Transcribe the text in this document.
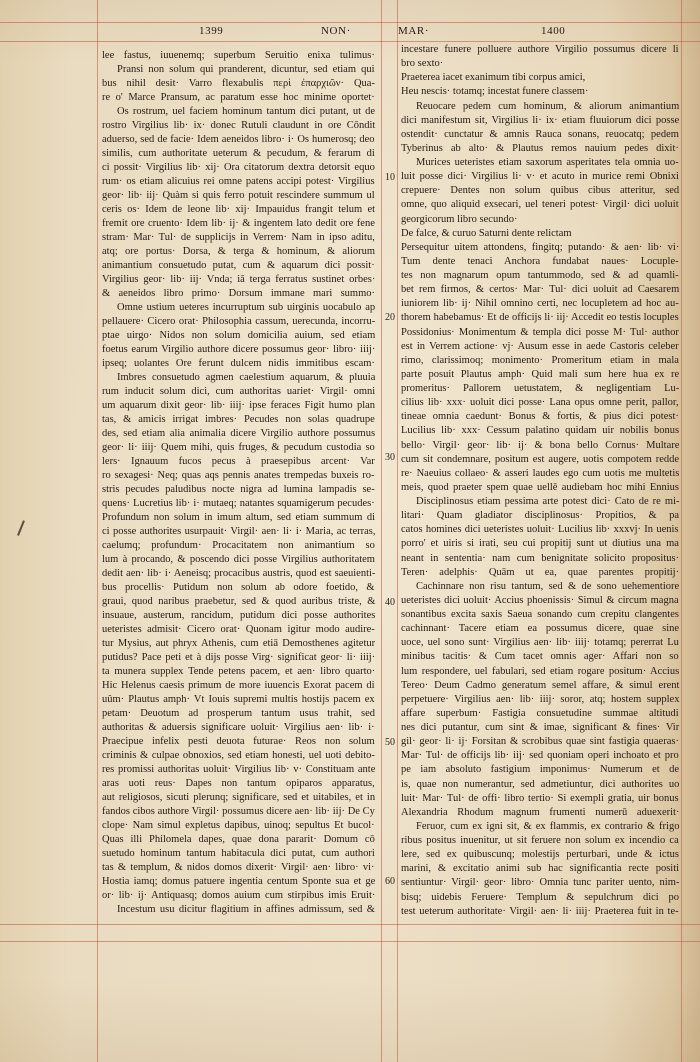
1399	NON·	MAR·	1400
10
20
30
40
50
60
lee fastus, iuuenemq; superbum Seruitio enixa tulimus·
Pransi non solum qui pranderent, dicuntur, sed etiam qui
bus nihil desit· Varro flexabulis περὶ ἐπαρχιῶν· Qua-
re o' Marce Pransum, ac paratum esse hoc minime oportet·
Os rostrum, uel faciem hominum tantum dici putant, ut de
rostro Virgilius lib· ix· donec Rutuli claudunt in ore Cōndit
aduerso, sed de facie· Idem aeneidos libro· i· Os humerosq; deo
similis, cum authoritate ueterum & pecudum, & ferarum di
ci possit· Virgilius lib· xij· Ora citatorum dextra detorsit equo
rum· os etiam alicuius rei omne patens accipi potest· Virgilius
geor· lib· iij· Quàm si quis ferro potuit rescindere summum ul
ceris os· Idem de leone lib· xij· Impauidus frangit telum et
fremit ore cruento· Idem lib· ij· & ingentem lato dedit ore fene
stram· Mar· Tul· de supplicijs in Verrem· Nam in ipso aditu,
atq; ore portus· Dorsa, & terga & hominum, & aliorum
animantium consuetudo putat, cum & aquarum dici possit·
Virgilius geor· lib· iij· Vnda; iā terga ferratus sustinet orbes·
& aeneidos libro primo· Dorsum immane mari summo·
Omne ustium ueteres incurruptum sub uirginis uocabulo ap
pellauere· Cicero orat· Philosophia cassum, uerecunda, incorru-
ptae uirgo· Nidos non solum domicilia auium, sed etiam
foetus earum Virgilio authore dicere possumus geor· libro· iiij·
ipseq; uolantes Ore ferunt dulcem nidis immitibus escam·
Imbres consuetudo agmen caelestium aquarum, & pluuia
rum inducit solum dici, cum authoritas uariet· Virgil· omni
um aquarum dixit geor· lib· iiij· ipse feraces Figit humo plan
tas, & amicis irrigat imbres· Pecudes non solas quadrupe
des, sed etiam alia animalia dicere Virgilio authore possumus
geor· li· iiij· Quem mihi, quis fruges, & pecudum custodia so
lers· Ignauum fucos pecus à praesepibus arcent· Var
ro sexagesi· Neq; quas aqs pennis anates trempedas buxeis ro-
stris pecudes paludibus nocte nigra ad lumina lampadis se-
quens· Lucretius lib· i· mutaeq; natantes squamigerum pecudes·
Profundum non solum in imum altum, sed etiam summum di
ci posse authorites usurpauit· Virgil· aen· li· i· Maria, ac terras,
caelumq; profundum· Procacitatem non animantium so
lum à procando, & poscendo dici posse Virgilius authoritatem
dedit aen· lib· i· Aeneisq; procacibus austris, quod est saeuienti-
bus procellis· Putidum non solum ab odore foetido, &
graui, quod naribus praebetur, sed & quod auribus triste, &
insuaue, austerum, rancidum, putidum dici posse authorites
ueteristes admisit· Cicero orat· Quonam igitur modo audire-
tur Mysius, aut phryx Athenis, cum etiā Demosthenes agitetur
putidus? Pace peti et à dijs posse Virg· significat geor· li· iiij·
ta munera supplex Tende petens pacem, et aen· libro quarto·
Hic Helenus caesis primum de more iuuencis Exorat pacem di
uûm· Plautus amph· Vt Iouis supremi multis hostijs pacem ex
petam· Deuotum ad prosperum tantum usus trahit, sed
authoritas & aduersis significare uoluit· Virgilius aen· lib· i·
Praecipue infelix pesti deuota futurae· Reos non solum
criminis & culpae obnoxios, sed etiam honesti, uel uoti debito-
res promissi authoritas uoluit· Virgilius lib· v· Constituam ante
aras uoti reus· Dapes non tantum opiparos apparatus,
aut religiosos, sicuti plerunq; significare, sed et uitabiles, et in
fandos cibos authore Virgil· possumus dicere aen· lib· iij· De Cy
clope· Nam simul expletus dapibus, uinoq; sepultus Et bucol·
Quas illi Philomela dapes, quae dona pararit· Domum cō
suetudo hominum tantum habitacula dici putat, cum authori
tas & templum, & nidos domos dixerit· Virgil· aen· libro· vi·
Hostia iamq; domus patuere ingentia centum Sponte sua et ge
or· lib· ij· Antiquasq; domos auium cum stirpibus imis Eruit·
Incestum usu dicitur flagitium in affines admissum, sed &
incestare funere polluere authore Virgilio possumus dicere li
bro sexto·
Praeterea iacet exanimum tibi corpus amici,
Heu nescis· totamq; incestat funere classem·
Reuocare pedem cum hominum, & aliorum animantium
dici manifestum sit, Virgilius li· ix· etiam fluuiorum dici posse
ostendit· cunctatur & amnis Rauca sonans, reuocatq; pedem
Tyberinus ab alto· & Plautus remos nauium pedes dixit·
Murices ueteristes etiam saxorum asperitates tela omnia uo-
luit posse dici· Virgilius li· v· et acuto in murice remi Obnixi
crepuere· Dentes non solum quibus cibus atteritur, sed
omne, quo aliquid exsecari, uel teneri potest· Virgil· dici uoluit
georgicorum libro secundo·
De falce, & curuo Saturni dente relictam
Persequitur uitem attondens, fingitq; putando· & aen· lib· vi·
Tum dente tenaci Anchora fundabat naues· Locuple-
tes non magnarum opum tantummodo, sed & ad quamli-
bet rem firmos, & certos· Mar· Tul· dici uoluit ad Caesarem
iuniorem lib· ij· Nihil omnino certi, nec locupletem ad hoc au-
thorem habebamus· Et de officijs li· iij· Accedit eo testis locuples
Possidonius· Monimentum & templa dici posse M· Tul· author
est in Verrem actione· vj· Ausum esse in aede Castoris celeber
rimo, clarissimoq; monimento· Promeritum etiam in mala
parte posuit Plautus amph· Quid mali sum here hua ex re
promeritus· Pallorem uetustatem, & negligentiam Lu-
cilius lib· xxx· uoluit dici posse· Lana opus omne perit, pallor,
tineae omnia caedunt· Bonus & fortis, & pius dici potest·
Lucilius lib· xxx· Cessum palatino quidam uir nobilis bonus
bello· Virgil· geor· lib· ij· & bona bello Cornus· Multare
cum sit condemnare, positum est augere, uotis compotem redde
re· Naeuius collaeo· & asseri laudes ego cum uotis me multetis
meis, quod praeter spem quae uellē audiebam hoc mihi Ennius
Disciplinosus etiam pessima arte potest dici· Cato de re mi-
litari· Quam gladiator disciplinosus· Propitios, & pa
catos homines dici ueteristes uoluit· Lucilius lib· xxxvj· In uenis
porro' et uiris si irati, seu cui propitij sunt ut diutius una ma
neant in sententia· nam cum benignitate solicito propositus·
Teren· adelphis· Quām ut ea, quae parentes propitij·
Cachinnare non risu tantum, sed & de sono uehementiore
ueteristes dici uoluit· Accius phoenissis· Simul & circum magna
sonantibus excita saxis Saeua sonando cum crepitu clangentes
cachinnant· Tacere etiam ea possumus dicere, quae sine
uoce, uel sono sunt· Virgilius aen· lib· iiij· totamq; pererrat Lu
minibus tacitis· & Cum tacet omnis ager· Affari non so
lum respondere, uel fabulari, sed etiam rogare positum· Accius
Tereo· Deum Cadmo generatum semel affare, & simul erent
perpetuere· Virgilius aen· lib· iiij· soror, atq; hostem supplex
affare superbum· Fastigia consuetudine summae altitudi
nes dici putantur, cum sint & imae, significant & fines· Vir
gil· geor· li· ij· Forsitan & scrobibus quae sint fastigia quaeras·
Mar· Tul· de officijs lib· iij· sed quoniam operi inchoato et pro
pe iam absoluto fastigium imponimus· Numerum et de
is, quae non numerantur, sed admetiuntur, dici authorites uo
luit· Mar· Tul· de offi· libro tertio· Si exempli gratia, uir bonus
Alexandria Rhodum magnum frumenti numerū aduexerit·
Feruor, cum ex igni sit, & ex flammis, ex contrario & frigo
ribus positus inuenitur, ut sit feruere non solum ex incendio ca
lere, sed ex quibuscunq; molestijs perturbari, unde & ictus
marini, & excitatio animi sub hac significantia recte positi
sentiuntur· Virgil· geor· libro· Omnia tunc pariter uento, nim-
bisq; uidebis Feruere· Templum & sepulchrum dici po
test ueterum authoritate· Virgil· aen· li· iiij· Praeterea fuit in te-
